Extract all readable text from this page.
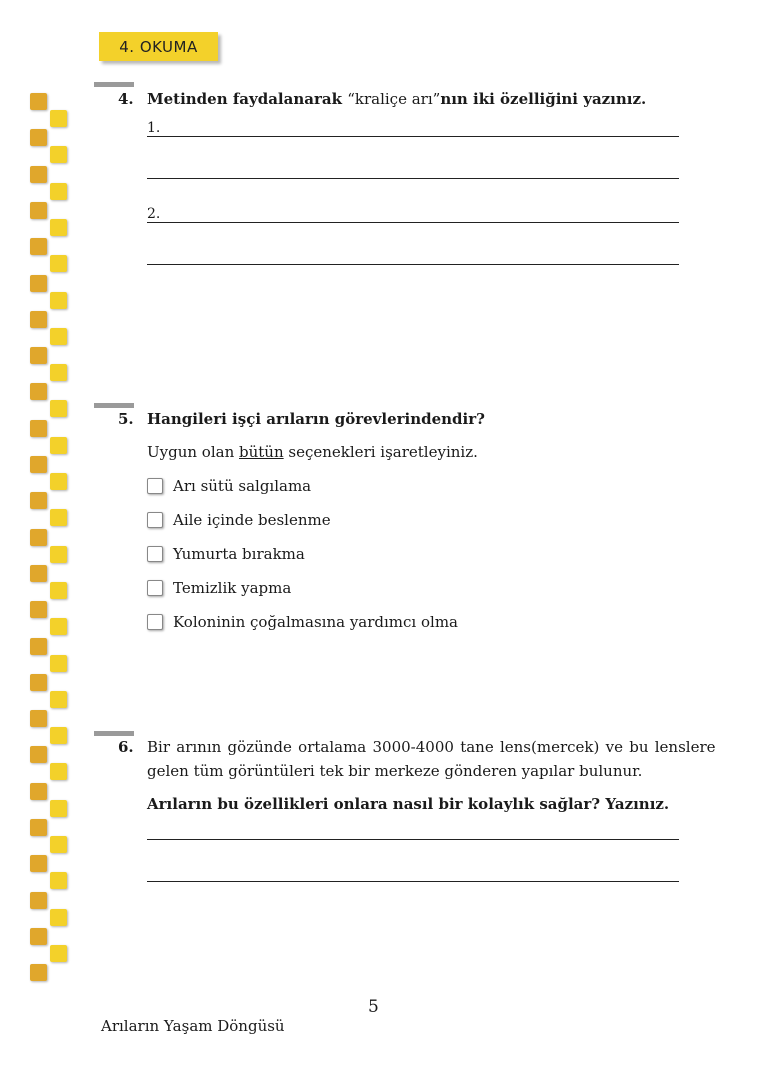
4. OKUMA
4. Metinden faydalanarak “kraliçe arı”nın iki özelliğini yazınız.
1.
2.
5. Hangileri işçi arıların görevlerindendir?
Uygun olan bütün seçenekleri işaretleyiniz.
Arı sütü salgılama
Aile içinde beslenme
Yumurta bırakma
Temizlik yapma
Koloninin çoğalmasına yardımcı olma
6. Bir arının gözünde ortalama 3000-4000 tane lens(mercek) ve bu lenslere
gelen tüm görüntüleri tek bir merkeze gönderen yapılar bulunur.
Arıların bu özellikleri onlara nasıl bir kolaylık sağlar? Yazınız.
5
Arıların Yaşam Döngüsü
